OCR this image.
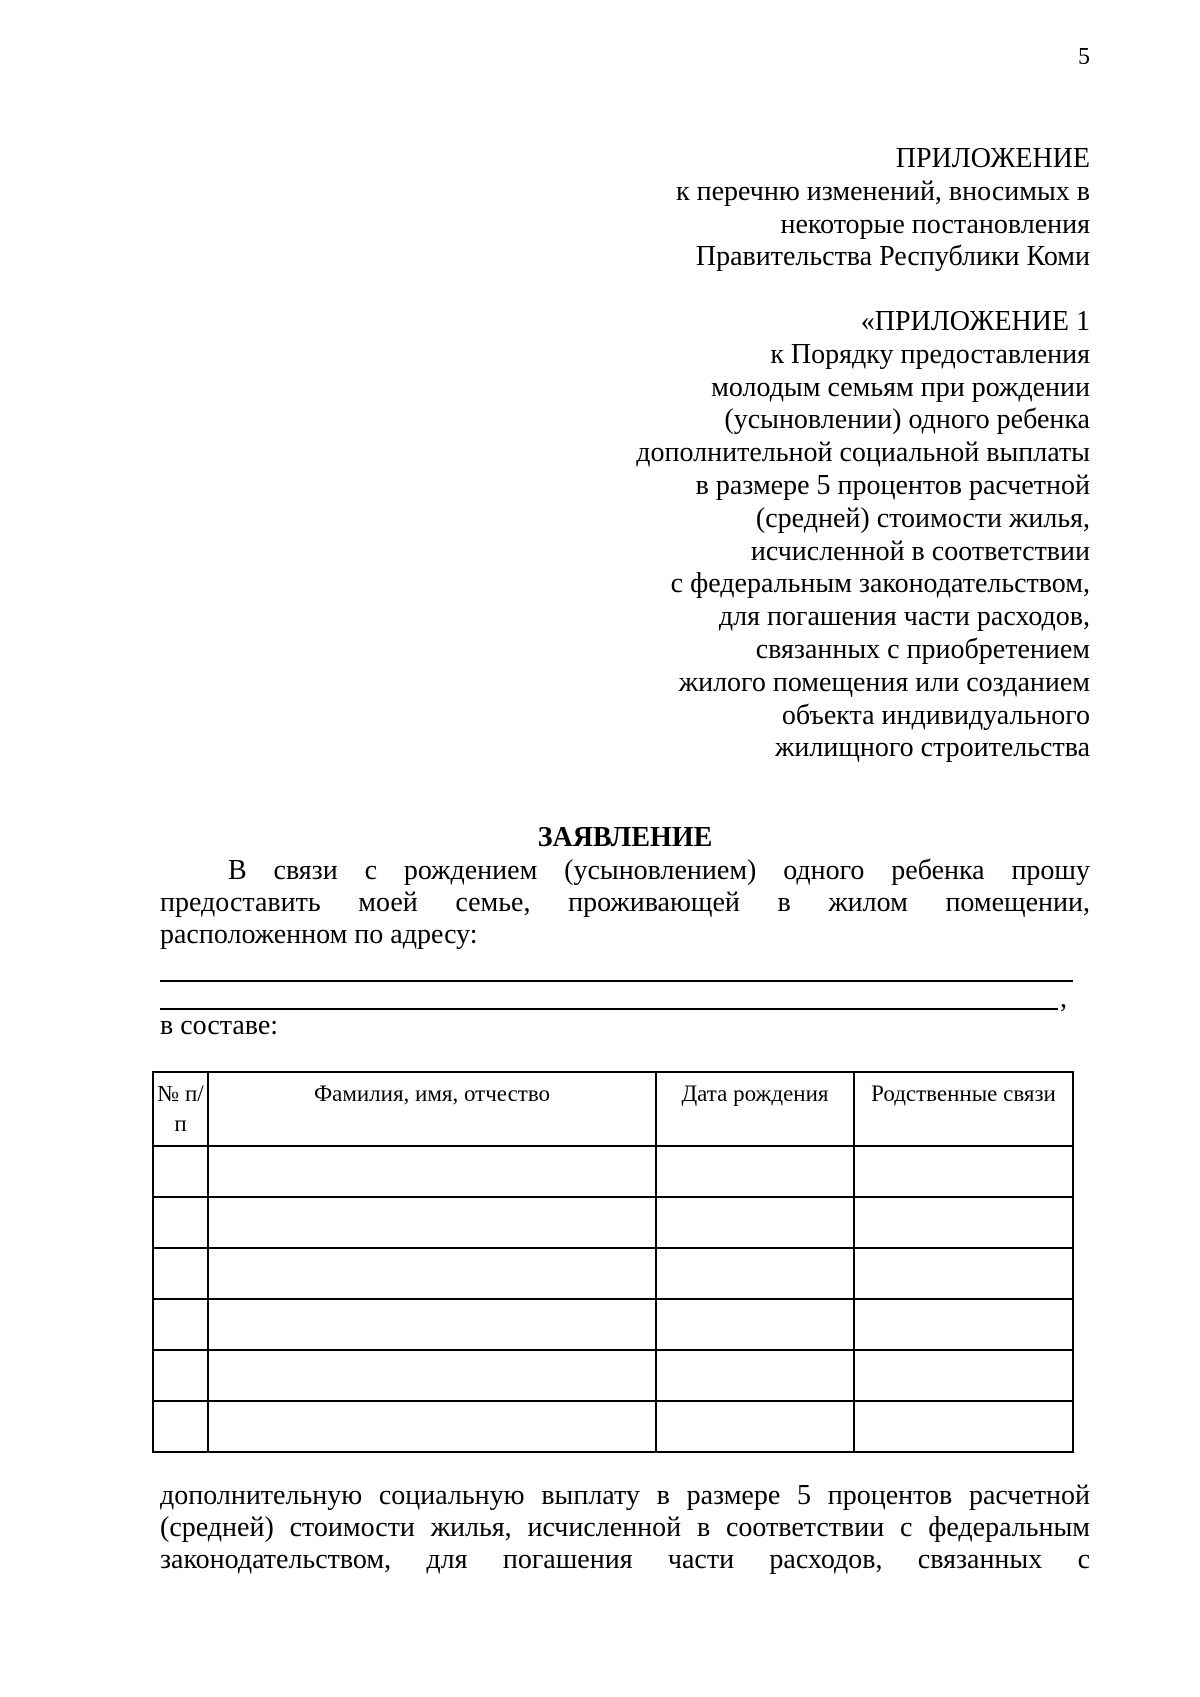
5
ПРИЛОЖЕНИЕ
к перечню изменений, вносимых в
некоторые постановления
Правительства Республики Коми
«ПРИЛОЖЕНИЕ 1
к Порядку предоставления
молодым семьям при рождении
(усыновлении) одного ребенка
дополнительной социальной выплаты
в размере 5 процентов расчетной
(средней) стоимости жилья,
исчисленной в соответствии
с федеральным законодательством,
для погашения части расходов,
связанных с приобретением
жилого помещения или созданием
объекта индивидуального
жилищного строительства
ЗАЯВЛЕНИЕ
В связи с рождением (усыновлением) одного ребенка прошу
предоставить моей семье, проживающей в жилом помещении,
расположенном по адресу:
,
в составе:
№ п/п	Фамилия, имя, отчество	Дата рождения	Родственные связи

дополнительную социальную выплату в размере 5 процентов расчетной
(средней) стоимости жилья, исчисленной в соответствии с федеральным
законодательством, для погашения части расходов, связанных с
